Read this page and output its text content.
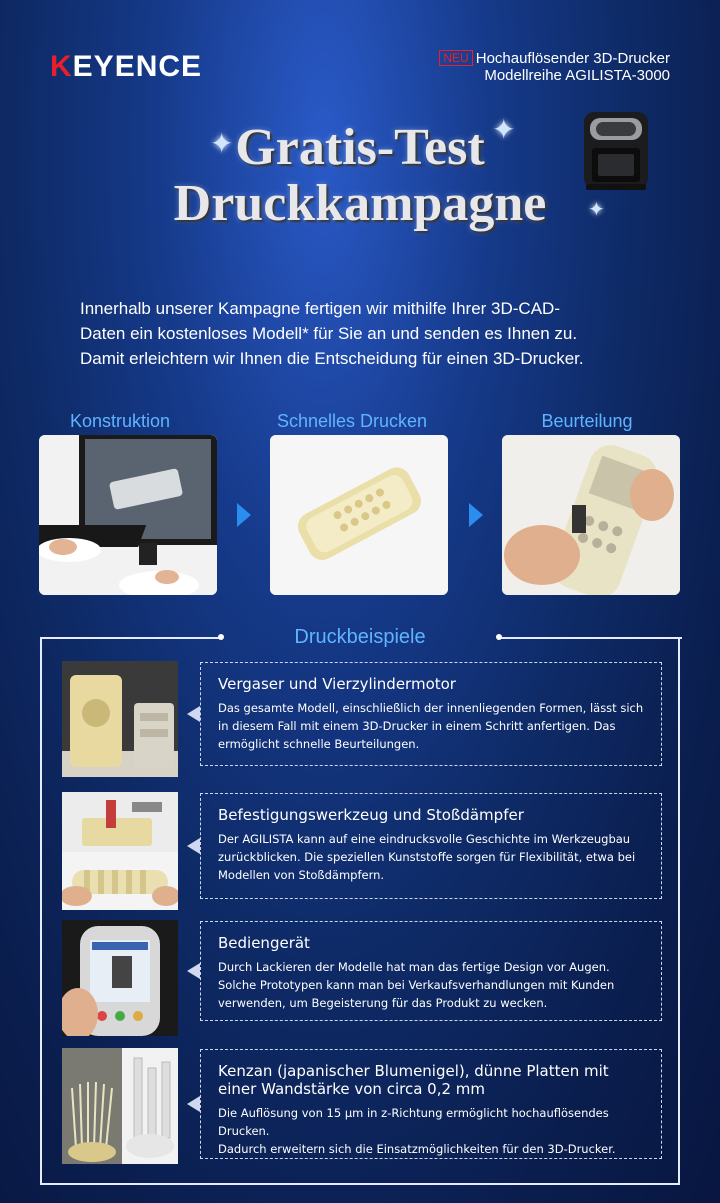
KEYENCE	NEU Hochauflösender 3D-Drucker
Modellreihe AGILISTA-3000
Gratis-Test
Druckkampagne
✦	✦
✦
Innerhalb unserer Kampagne fertigen wir mithilfe Ihrer 3D-CAD-
Daten ein kostenloses Modell* für Sie an und senden es Ihnen zu.
Damit erleichtern wir Ihnen die Entscheidung für einen 3D-Drucker.
Konstruktion	Schnelles Drucken	Beurteilung
Druckbeispiele
Vergaser und Vierzylindermotor
Das gesamte Modell, einschließlich der innenliegenden Formen, lässt sich in diesem Fall mit einem 3D-Drucker in einem Schritt anfertigen. Das ermöglicht schnelle Beurteilungen.
Befestigungswerkzeug und Stoßdämpfer
Der AGILISTA kann auf eine eindrucksvolle Geschichte im Werkzeugbau zurückblicken. Die speziellen Kunststoffe sorgen für Flexibilität, etwa bei Modellen von Stoßdämpfern.
Bediengerät
Durch Lackieren der Modelle hat man das fertige Design vor Augen. Solche Prototypen kann man bei Verkaufsverhandlungen mit Kunden verwenden, um Begeisterung für das Produkt zu wecken.
Kenzan (japanischer Blumenigel), dünne Platten mit einer Wandstärke von circa 0,2 mm
Die Auflösung von 15 μm in z-Richtung ermöglicht hochauflösendes Drucken.
Dadurch erweitern sich die Einsatzmöglichkeiten für den 3D-Drucker.
